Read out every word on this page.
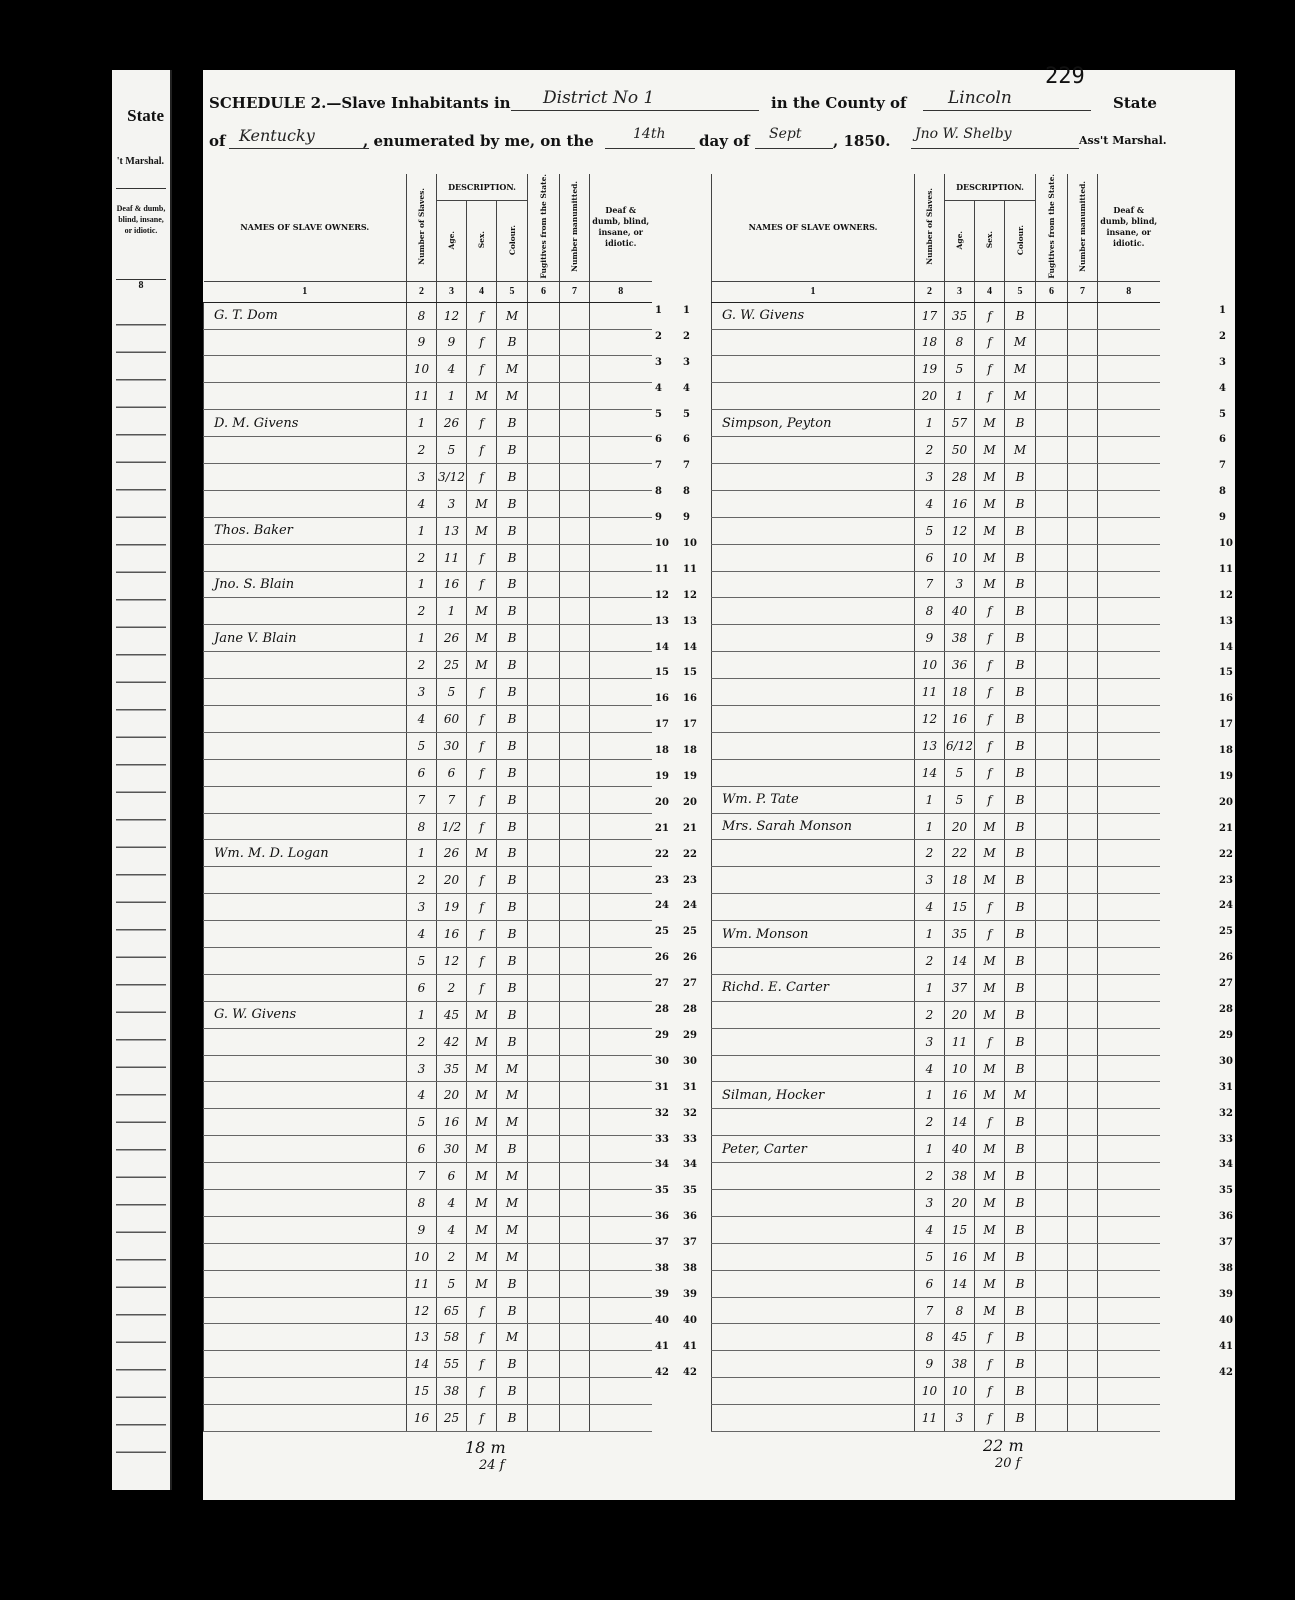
State
't Marshal.
Deaf & dumb, blind, insane, or idiotic.
8
229
SCHEDULE 2.—Slave Inhabitants in District No 1	in the County of Lincoln	State
of Kentucky	, enumerated by me, on the	14th day of Sept , 1850. Jno W. Shelby	Ass't Marshal.
NAMES OF SLAVE OWNERS.	Number of Slaves.	DESCRIPTION.			Fugitives from the State.	Number manumitted.	Deaf & dumb, blind, insane, or idiotic.
		Age.	Sex.	Colour.			
1	2	3	4	5	6	7	8
G. T. Dom	8	12	f	M			
	9	9	f	B			
	10	4	f	M			
	11	1	M	M			
D. M. Givens	1	26	f	B			
	2	5	f	B			
	3	3/12	f	B			
	4	3	M	B			
Thos. Baker	1	13	M	B			
	2	11	f	B			
Jno. S. Blain	1	16	f	B			
	2	1	M	B			
Jane V. Blain	1	26	M	B			
	2	25	M	B			
	3	5	f	B			
	4	60	f	B			
	5	30	f	B			
	6	6	f	B			
	7	7	f	B			
	8	1/2	f	B			
Wm. M. D. Logan	1	26	M	B			
	2	20	f	B			
	3	19	f	B			
	4	16	f	B			
	5	12	f	B			
	6	2	f	B			
G. W. Givens	1	45	M	B			
	2	42	M	B			
	3	35	M	M			
	4	20	M	M			
	5	16	M	M			
	6	30	M	B			
	7	6	M	M			
	8	4	M	M			
	9	4	M	M			
	10	2	M	M			
	11	5	M	B			
	12	65	f	B			
	13	58	f	M			
	14	55	f	B			
	15	38	f	B			
	16	25	f	B			
1
2
3
4
5
6
7
8
9
10
11
12
13
14
15
16
17
18
19
20
21
22
23
24
25
26
27
28
29
30
31
32
33
34
35
36
37
38
39
40
41
42
1
2
3
4
5
6
7
8
9
10
11
12
13
14
15
16
17
18
19
20
21
22
23
24
25
26
27
28
29
30
31
32
33
34
35
36
37
38
39
40
41
42
NAMES OF SLAVE OWNERS.	Number of Slaves.	DESCRIPTION.			Fugitives from the State.	Number manumitted.	Deaf & dumb, blind, insane, or idiotic.
		Age.	Sex.	Colour.			
1	2	3	4	5	6	7	8
G. W. Givens	17	35	f	B			
	18	8	f	M			
	19	5	f	M			
	20	1	f	M			
Simpson, Peyton	1	57	M	B			
	2	50	M	M			
	3	28	M	B			
	4	16	M	B			
	5	12	M	B			
	6	10	M	B			
	7	3	M	B			
	8	40	f	B			
	9	38	f	B			
	10	36	f	B			
	11	18	f	B			
	12	16	f	B			
	13	6/12	f	B			
	14	5	f	B			
Wm. P. Tate	1	5	f	B			
Mrs. Sarah Monson	1	20	M	B			
	2	22	M	B			
	3	18	M	B			
	4	15	f	B			
Wm. Monson	1	35	f	B			
	2	14	M	B			
Richd. E. Carter	1	37	M	B			
	2	20	M	B			
	3	11	f	B			
	4	10	M	B			
Silman, Hocker	1	16	M	M			
	2	14	f	B			
Peter, Carter	1	40	M	B			
	2	38	M	B			
	3	20	M	B			
	4	15	M	B			
	5	16	M	B			
	6	14	M	B			
	7	8	M	B			
	8	45	f	B			
	9	38	f	B			
	10	10	f	B			
	11	3	f	B			
1
2
3
4
5
6
7
8
9
10
11
12
13
14
15
16
17
18
19
20
21
22
23
24
25
26
27
28
29
30
31
32
33
34
35
36
37
38
39
40
41
42
18 m
24 f
22 m
20 f
